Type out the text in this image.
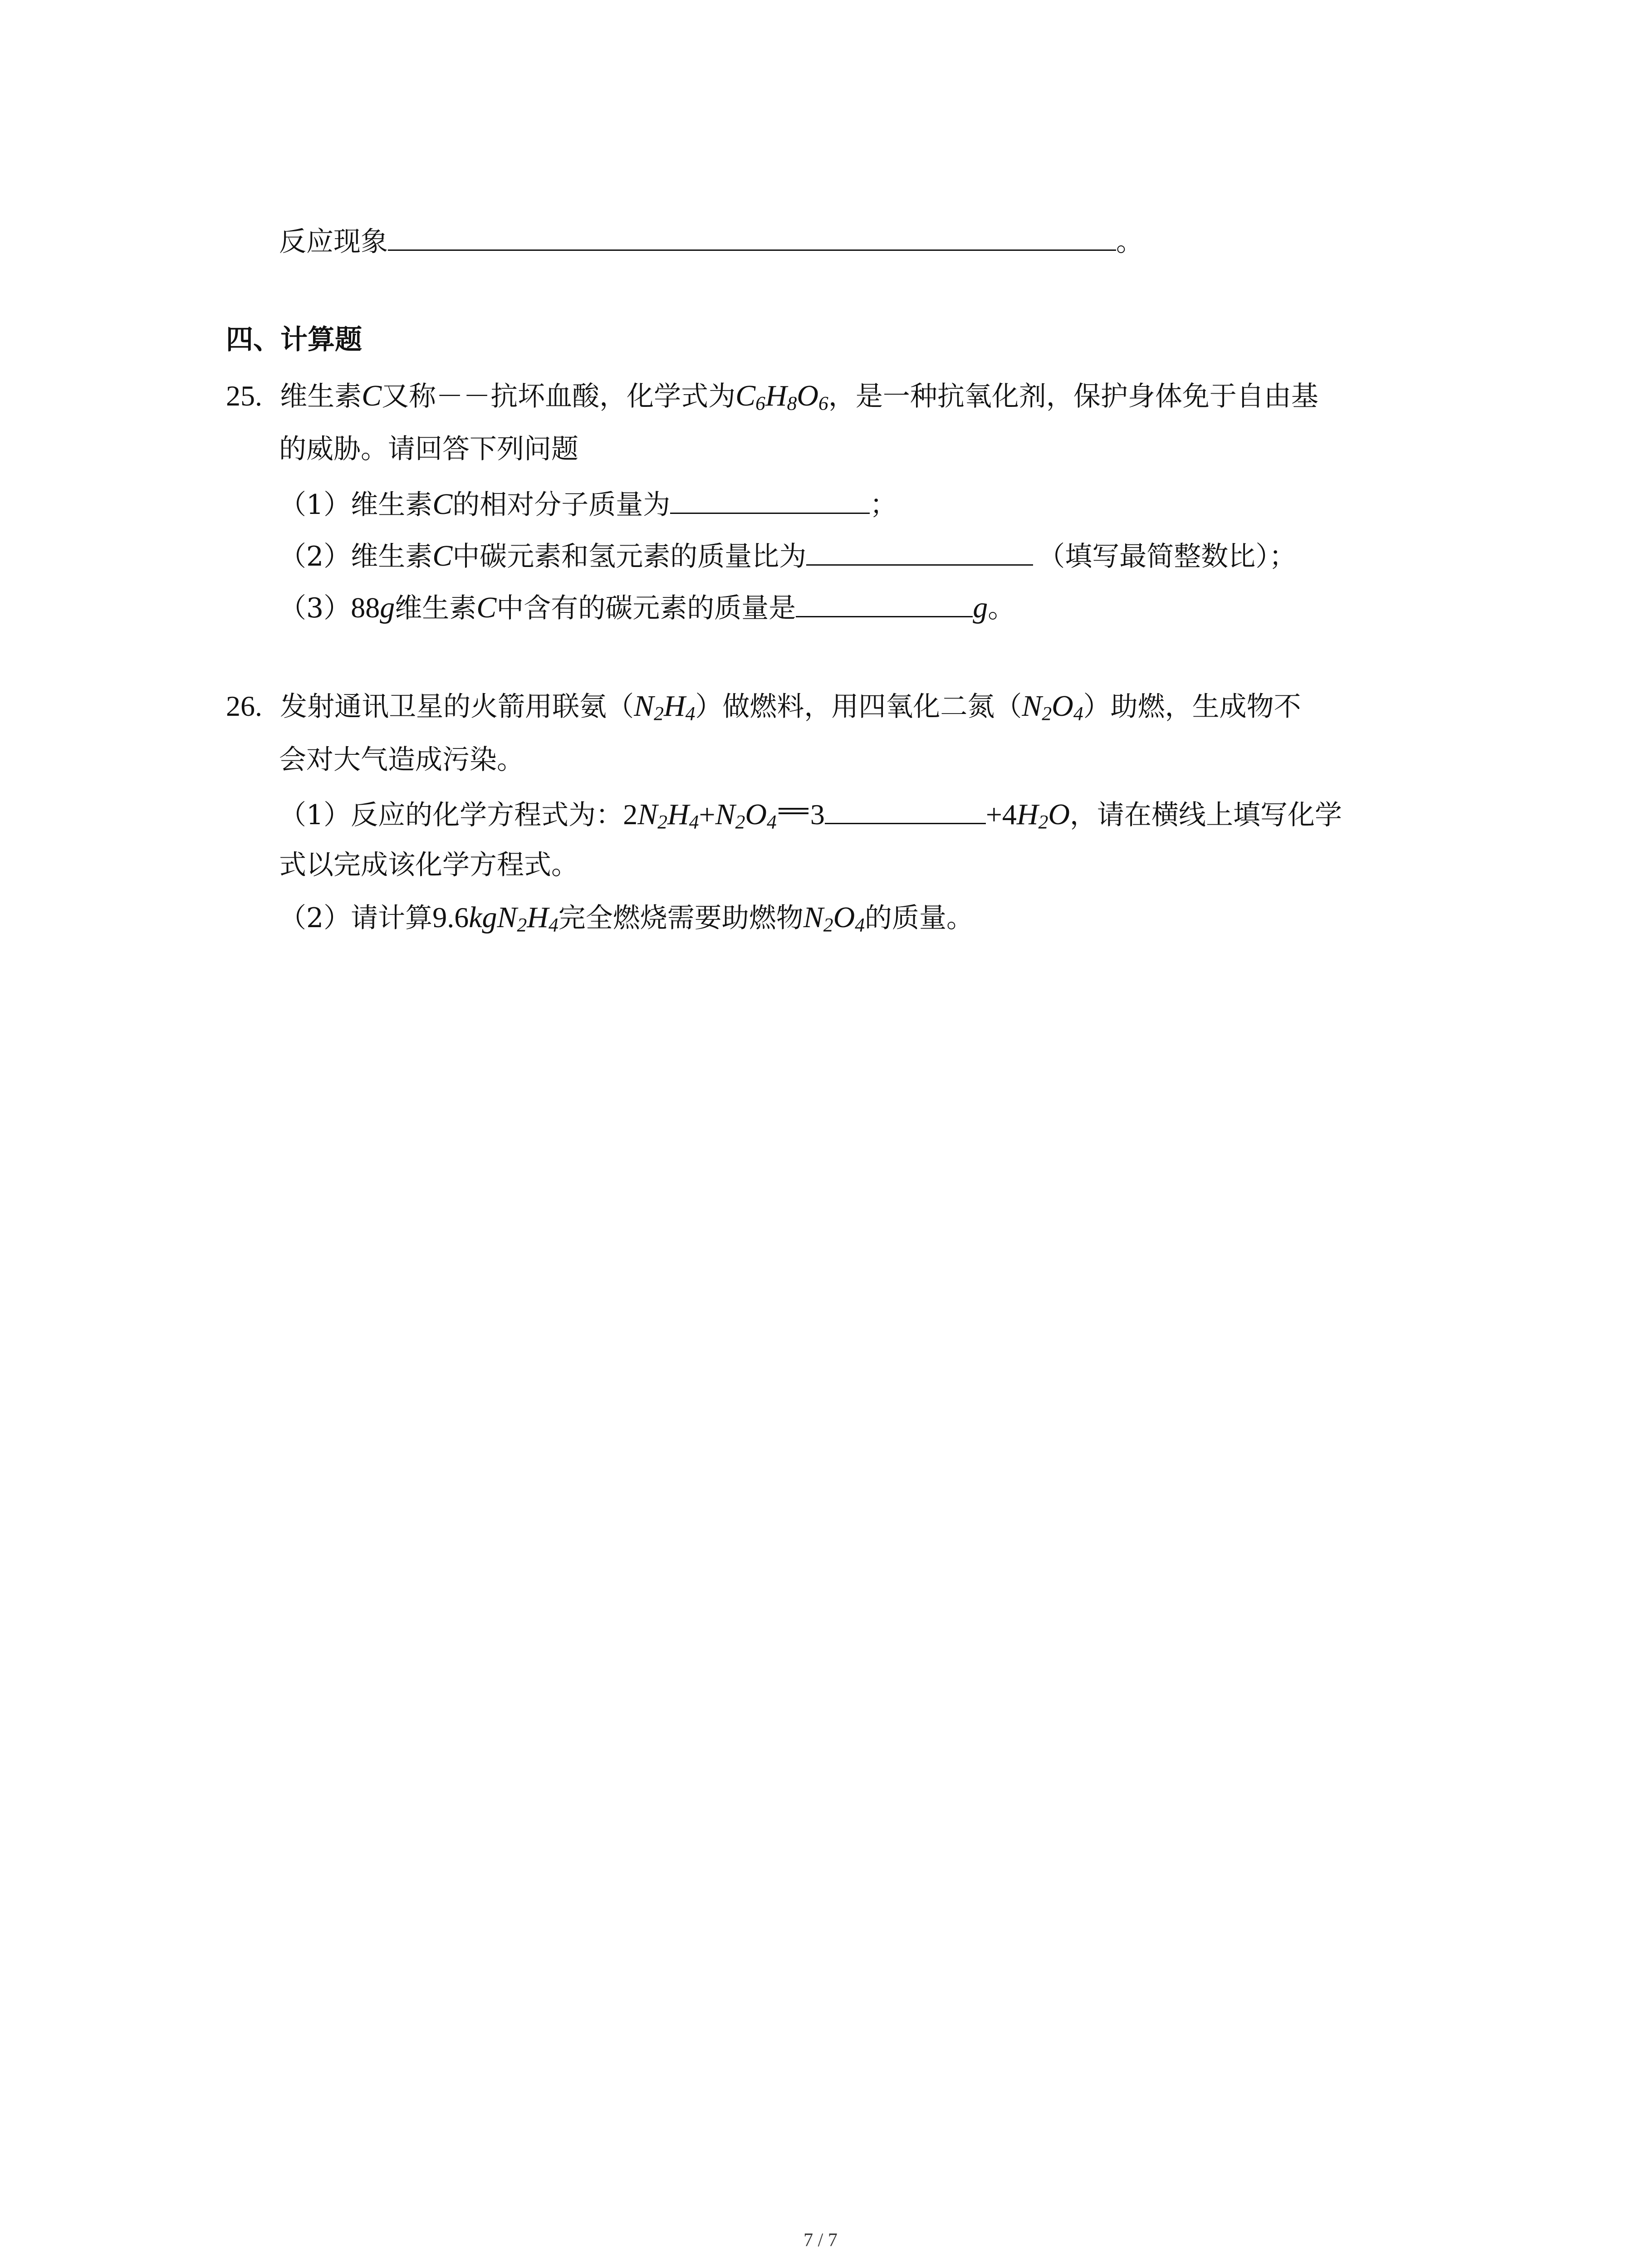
反应现象	。
四、计算题
25. 维生素C又称－－抗坏血酸，化学式为$C_6H_8O_6$，是一种抗氧化剂，保护身体免于自由基
的威胁。请回答下列问题
（1）维生素C的相对分子质量为	；
（2）维生素C中碳元素和氢元素的质量比为	（填写最简整数比）；
（3）88g维生素C中含有的碳元素的质量是	g。
26. 发射通讯卫星的火箭用联氨$(N_2H_4)$做燃料，用四氧化二氮$(N_2O_4)$助燃，生成物不
会对大气造成污染。
（1）反应的化学方程式为：$2N_2H_4+N_2O_4$ 3	$+4H_2O$，请在横线上填写化学
式以完成该化学方程式。
（2）请计算$9.6kgN_2H_4$完全燃烧需要助燃物$N_2O_4$的质量。
7 / 7
